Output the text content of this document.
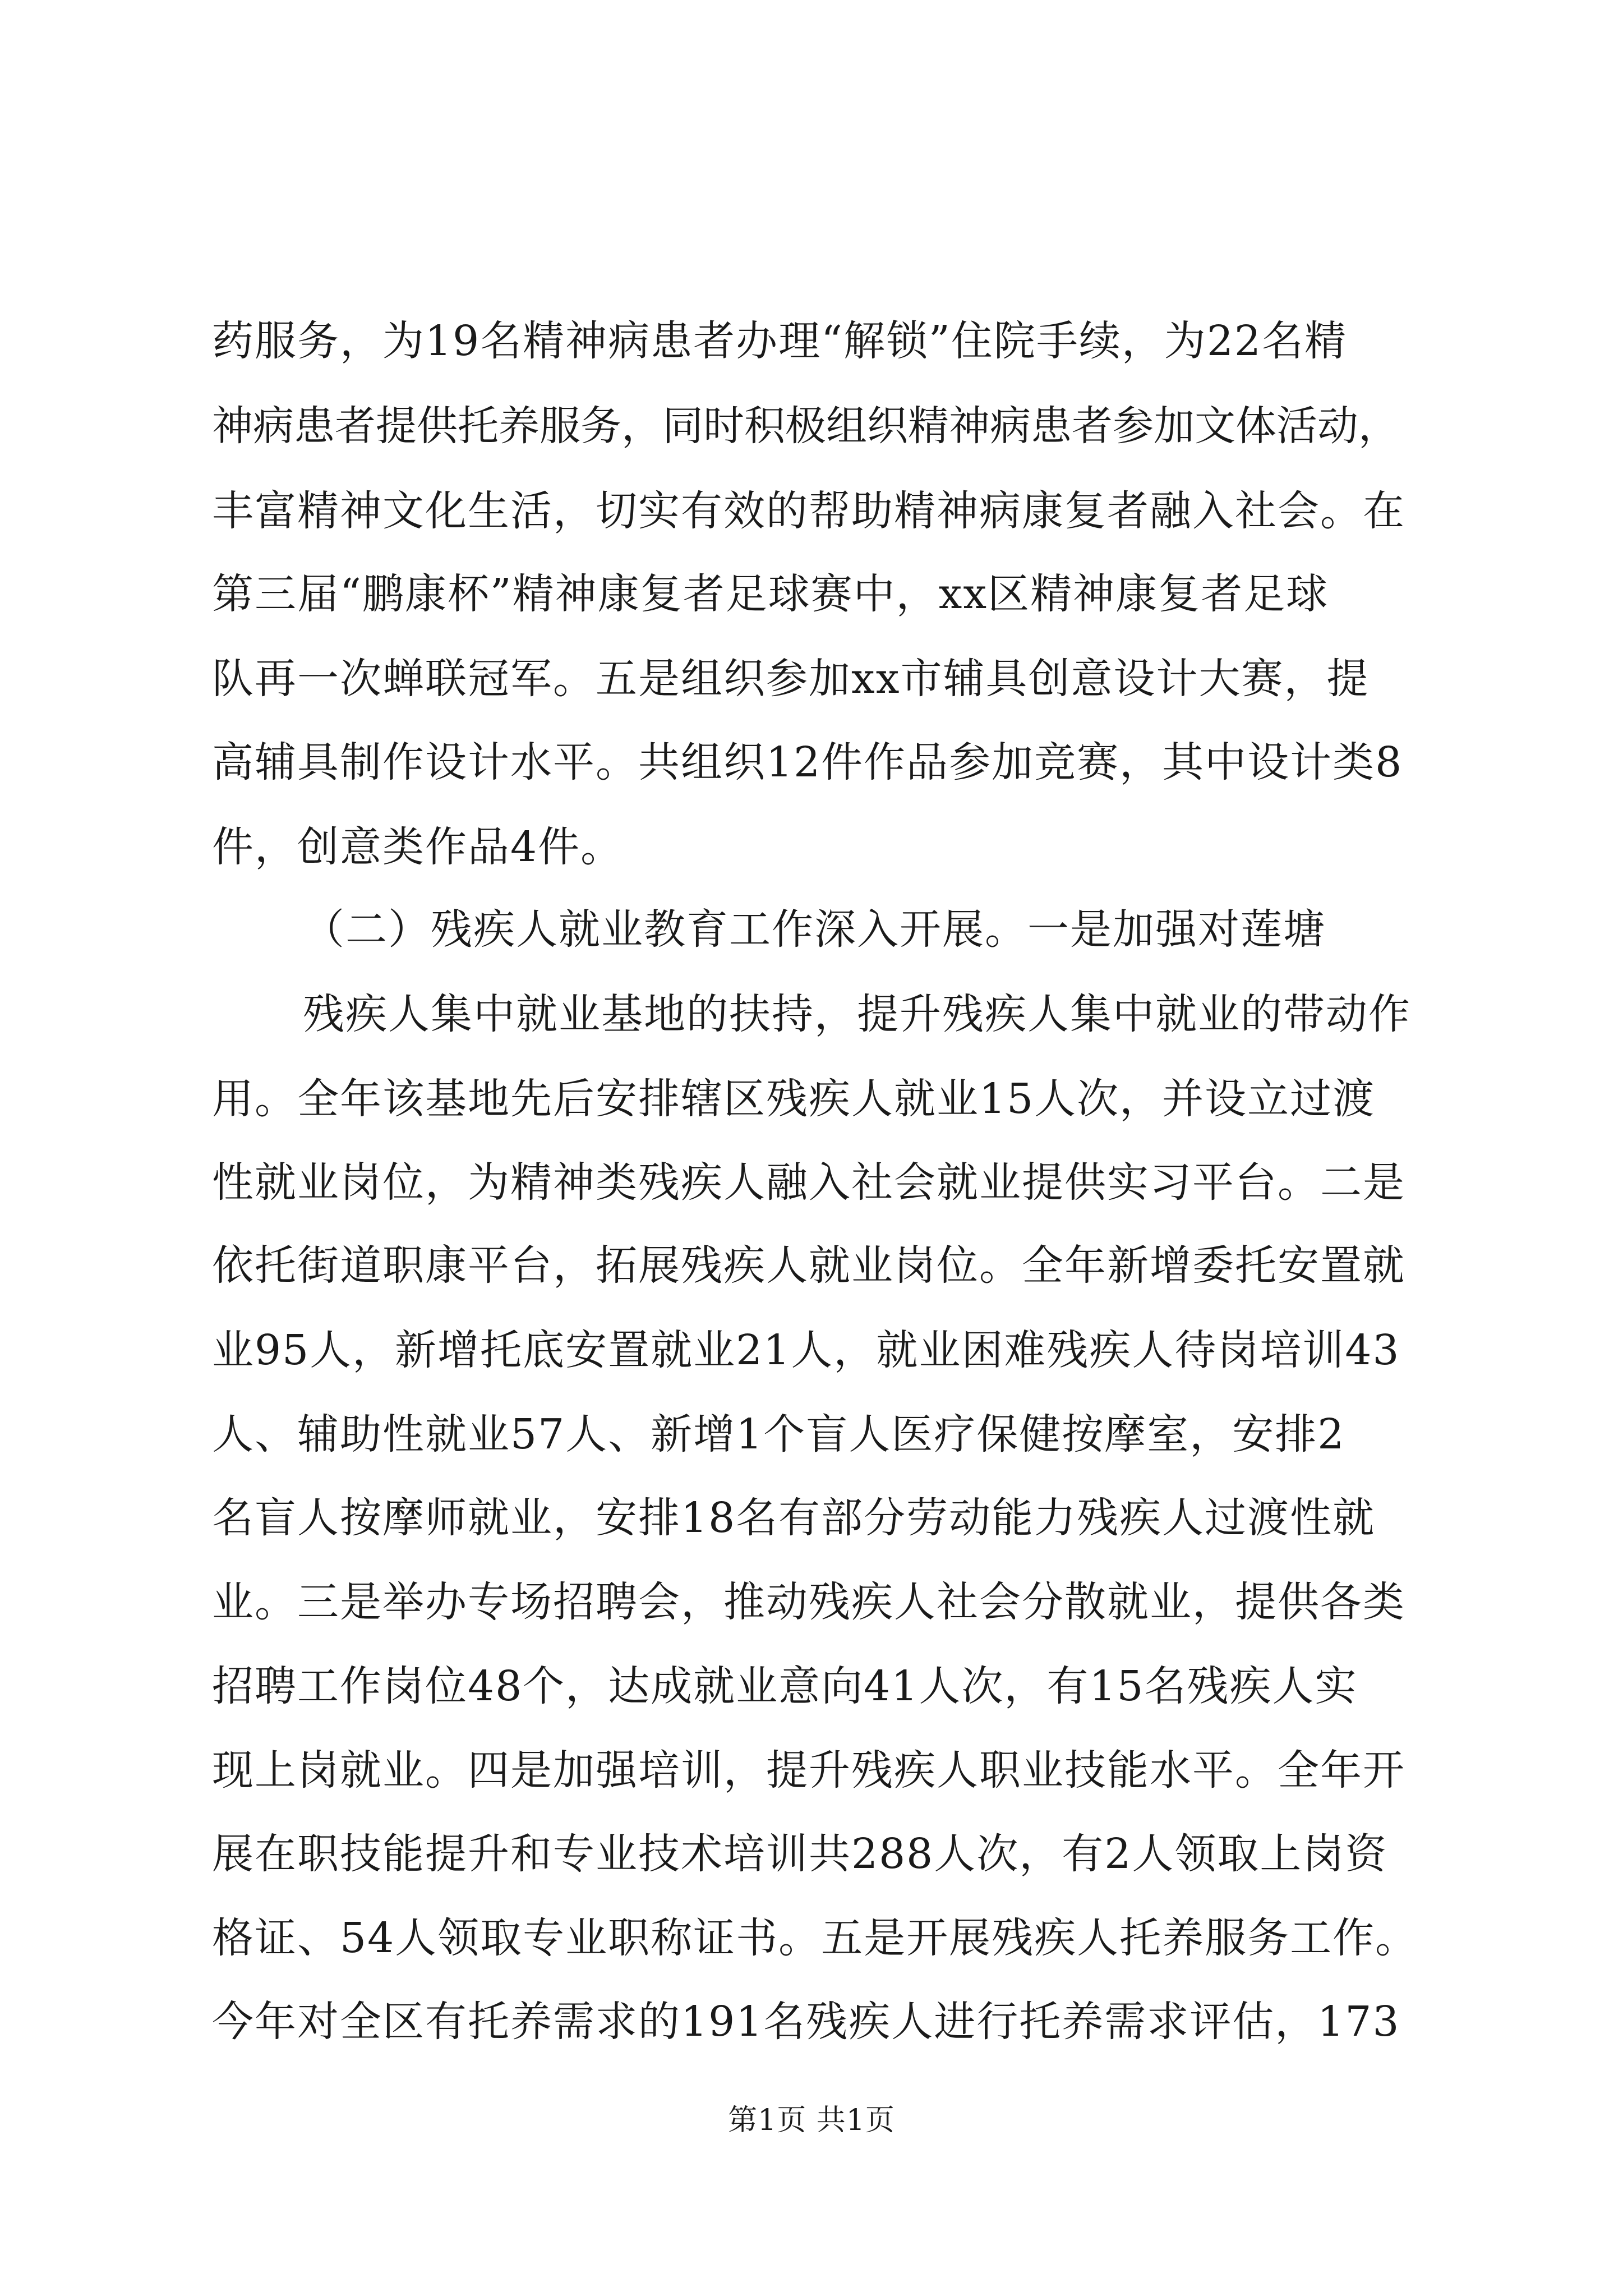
药服务，为19名精神病患者办理“解锁”住院手续，为22名精
神病患者提供托养服务，同时积极组织精神病患者参加文体活动，
丰富精神文化生活，切实有效的帮助精神病康复者融入社会。在
第三届“鹏康杯”精神康复者足球赛中，xx区精神康复者足球
队再一次蝉联冠军。五是组织参加xx市辅具创意设计大赛，提
高辅具制作设计水平。共组织12件作品参加竞赛，其中设计类8
件，创意类作品4件。
（二）残疾人就业教育工作深入开展。一是加强对莲塘
残疾人集中就业基地的扶持，提升残疾人集中就业的带动作
用。全年该基地先后安排辖区残疾人就业15人次，并设立过渡
性就业岗位，为精神类残疾人融入社会就业提供实习平台。二是
依托街道职康平台，拓展残疾人就业岗位。全年新增委托安置就
业95人，新增托底安置就业21人，就业困难残疾人待岗培训43
人、辅助性就业57人、新增1个盲人医疗保健按摩室，安排2
名盲人按摩师就业，安排18名有部分劳动能力残疾人过渡性就
业。三是举办专场招聘会，推动残疾人社会分散就业，提供各类
招聘工作岗位48个，达成就业意向41人次，有15名残疾人实
现上岗就业。四是加强培训，提升残疾人职业技能水平。全年开
展在职技能提升和专业技术培训共288人次，有2人领取上岗资
格证、54人领取专业职称证书。五是开展残疾人托养服务工作。
今年对全区有托养需求的191名残疾人进行托养需求评估，173
第1页 共1页
